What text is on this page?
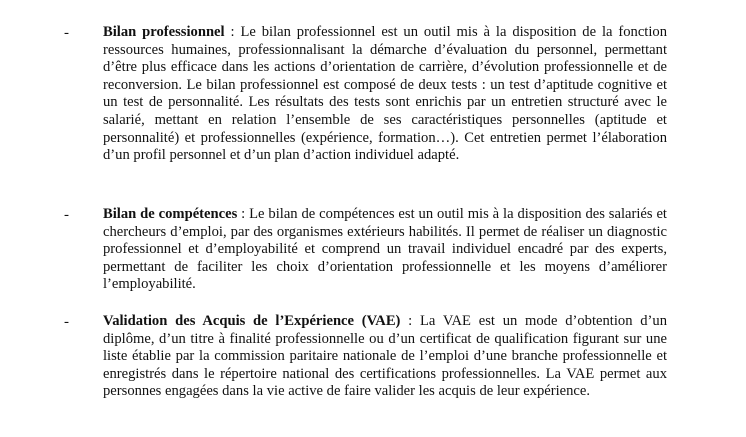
- Bilan professionnel : Le bilan professionnel est un outil mis à la disposition de la fonction ressources humaines, professionnalisant la démarche d’évaluation du personnel, permettant d’être plus efficace dans les actions d’orientation de carrière, d’évolution professionnelle et de reconversion. Le bilan professionnel est composé de deux tests : un test d’aptitude cognitive et un test de personnalité. Les résultats des tests sont enrichis par un entretien structuré avec le salarié, mettant en relation l’ensemble de ses caractéristiques personnelles (aptitude et personnalité) et professionnelles (expérience, formation…). Cet entretien permet l’élaboration d’un profil personnel et d’un plan d’action individuel adapté.
- Bilan de compétences : Le bilan de compétences est un outil mis à la disposition des salariés et chercheurs d’emploi, par des organismes extérieurs habilités. Il permet de réaliser un diagnostic professionnel et d’employabilité et comprend un travail individuel encadré par des experts, permettant de faciliter les choix d’orientation professionnelle et les moyens d’améliorer l’employabilité.
- Validation des Acquis de l’Expérience (VAE) : La VAE est un mode d’obtention d’un diplôme, d’un titre à finalité professionnelle ou d’un certificat de qualification figurant sur une liste établie par la commission paritaire nationale de l’emploi d’une branche professionnelle et enregistrés dans le répertoire national des certifications professionnelles. La VAE permet aux personnes engagées dans la vie active de faire valider les acquis de leur expérience.
